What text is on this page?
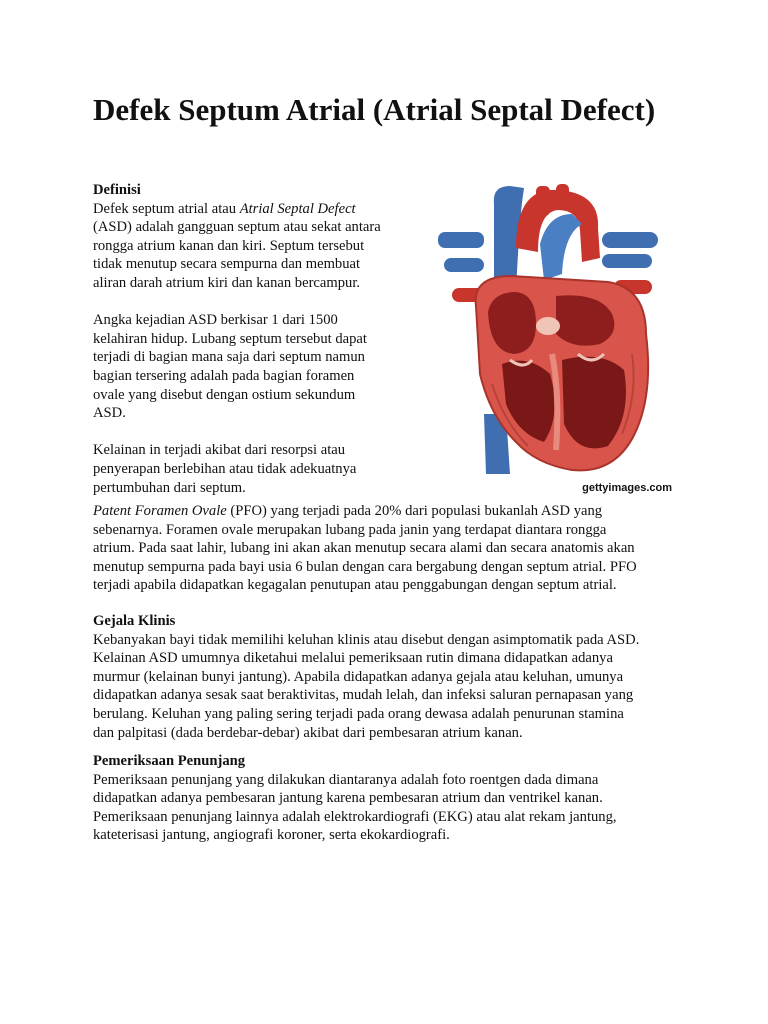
Defek Septum Atrial (Atrial Septal Defect)

Definisi

Defek septum atrial atau Atrial Septal Defect
(ASD) adalah gangguan septum atau sekat antara
rongga atrium kanan dan kiri. Septum tersebut
tidak menutup secara sempurna dan membuat
aliran darah atrium kiri dan kanan bercampur.

Angka kejadian ASD berkisar 1 dari 1500
kelahiran hidup. Lubang septum tersebut dapat
terjadi di bagian mana saja dari septum namun
bagian tersering adalah pada bagian foramen
ovale yang disebut dengan ostium sekundum
ASD.

Kelainan in terjadi akibat dari resorpsi atau
penyerapan berlebihan atau tidak adekuatnya
pertumbuhan dari septum.	gettyimages.com

Patent Foramen Ovale (PFO) yang terjadi pada 20% dari populasi bukanlah ASD yang
sebenarnya. Foramen ovale merupakan lubang pada janin yang terdapat diantara rongga
atrium. Pada saat lahir, lubang ini akan akan menutup secara alami dan secara anatomis akan
menutup sempurna pada bayi usia 6 bulan dengan cara bergabung dengan septum atrial. PFO
terjadi apabila didapatkan kegagalan penutupan atau penggabungan dengan septum atrial.

Gejala Klinis

Kebanyakan bayi tidak memilihi keluhan klinis atau disebut dengan asimptomatik pada ASD.
Kelainan ASD umumnya diketahui melalui pemeriksaan rutin dimana didapatkan adanya
murmur (kelainan bunyi jantung). Apabila didapatkan adanya gejala atau keluhan, umunya
didapatkan adanya sesak saat beraktivitas, mudah lelah, dan infeksi saluran pernapasan yang
berulang. Keluhan yang paling sering terjadi pada orang dewasa adalah penurunan stamina
dan palpitasi (dada berdebar-debar) akibat dari pembesaran atrium kanan.

Pemeriksaan Penunjang

Pemeriksaan penunjang yang dilakukan diantaranya adalah foto roentgen dada dimana
didapatkan adanya pembesaran jantung karena pembesaran atrium dan ventrikel kanan.
Pemeriksaan penunjang lainnya adalah elektrokardiografi (EKG) atau alat rekam jantung,
kateterisasi jantung, angiografi koroner, serta ekokardiografi.
